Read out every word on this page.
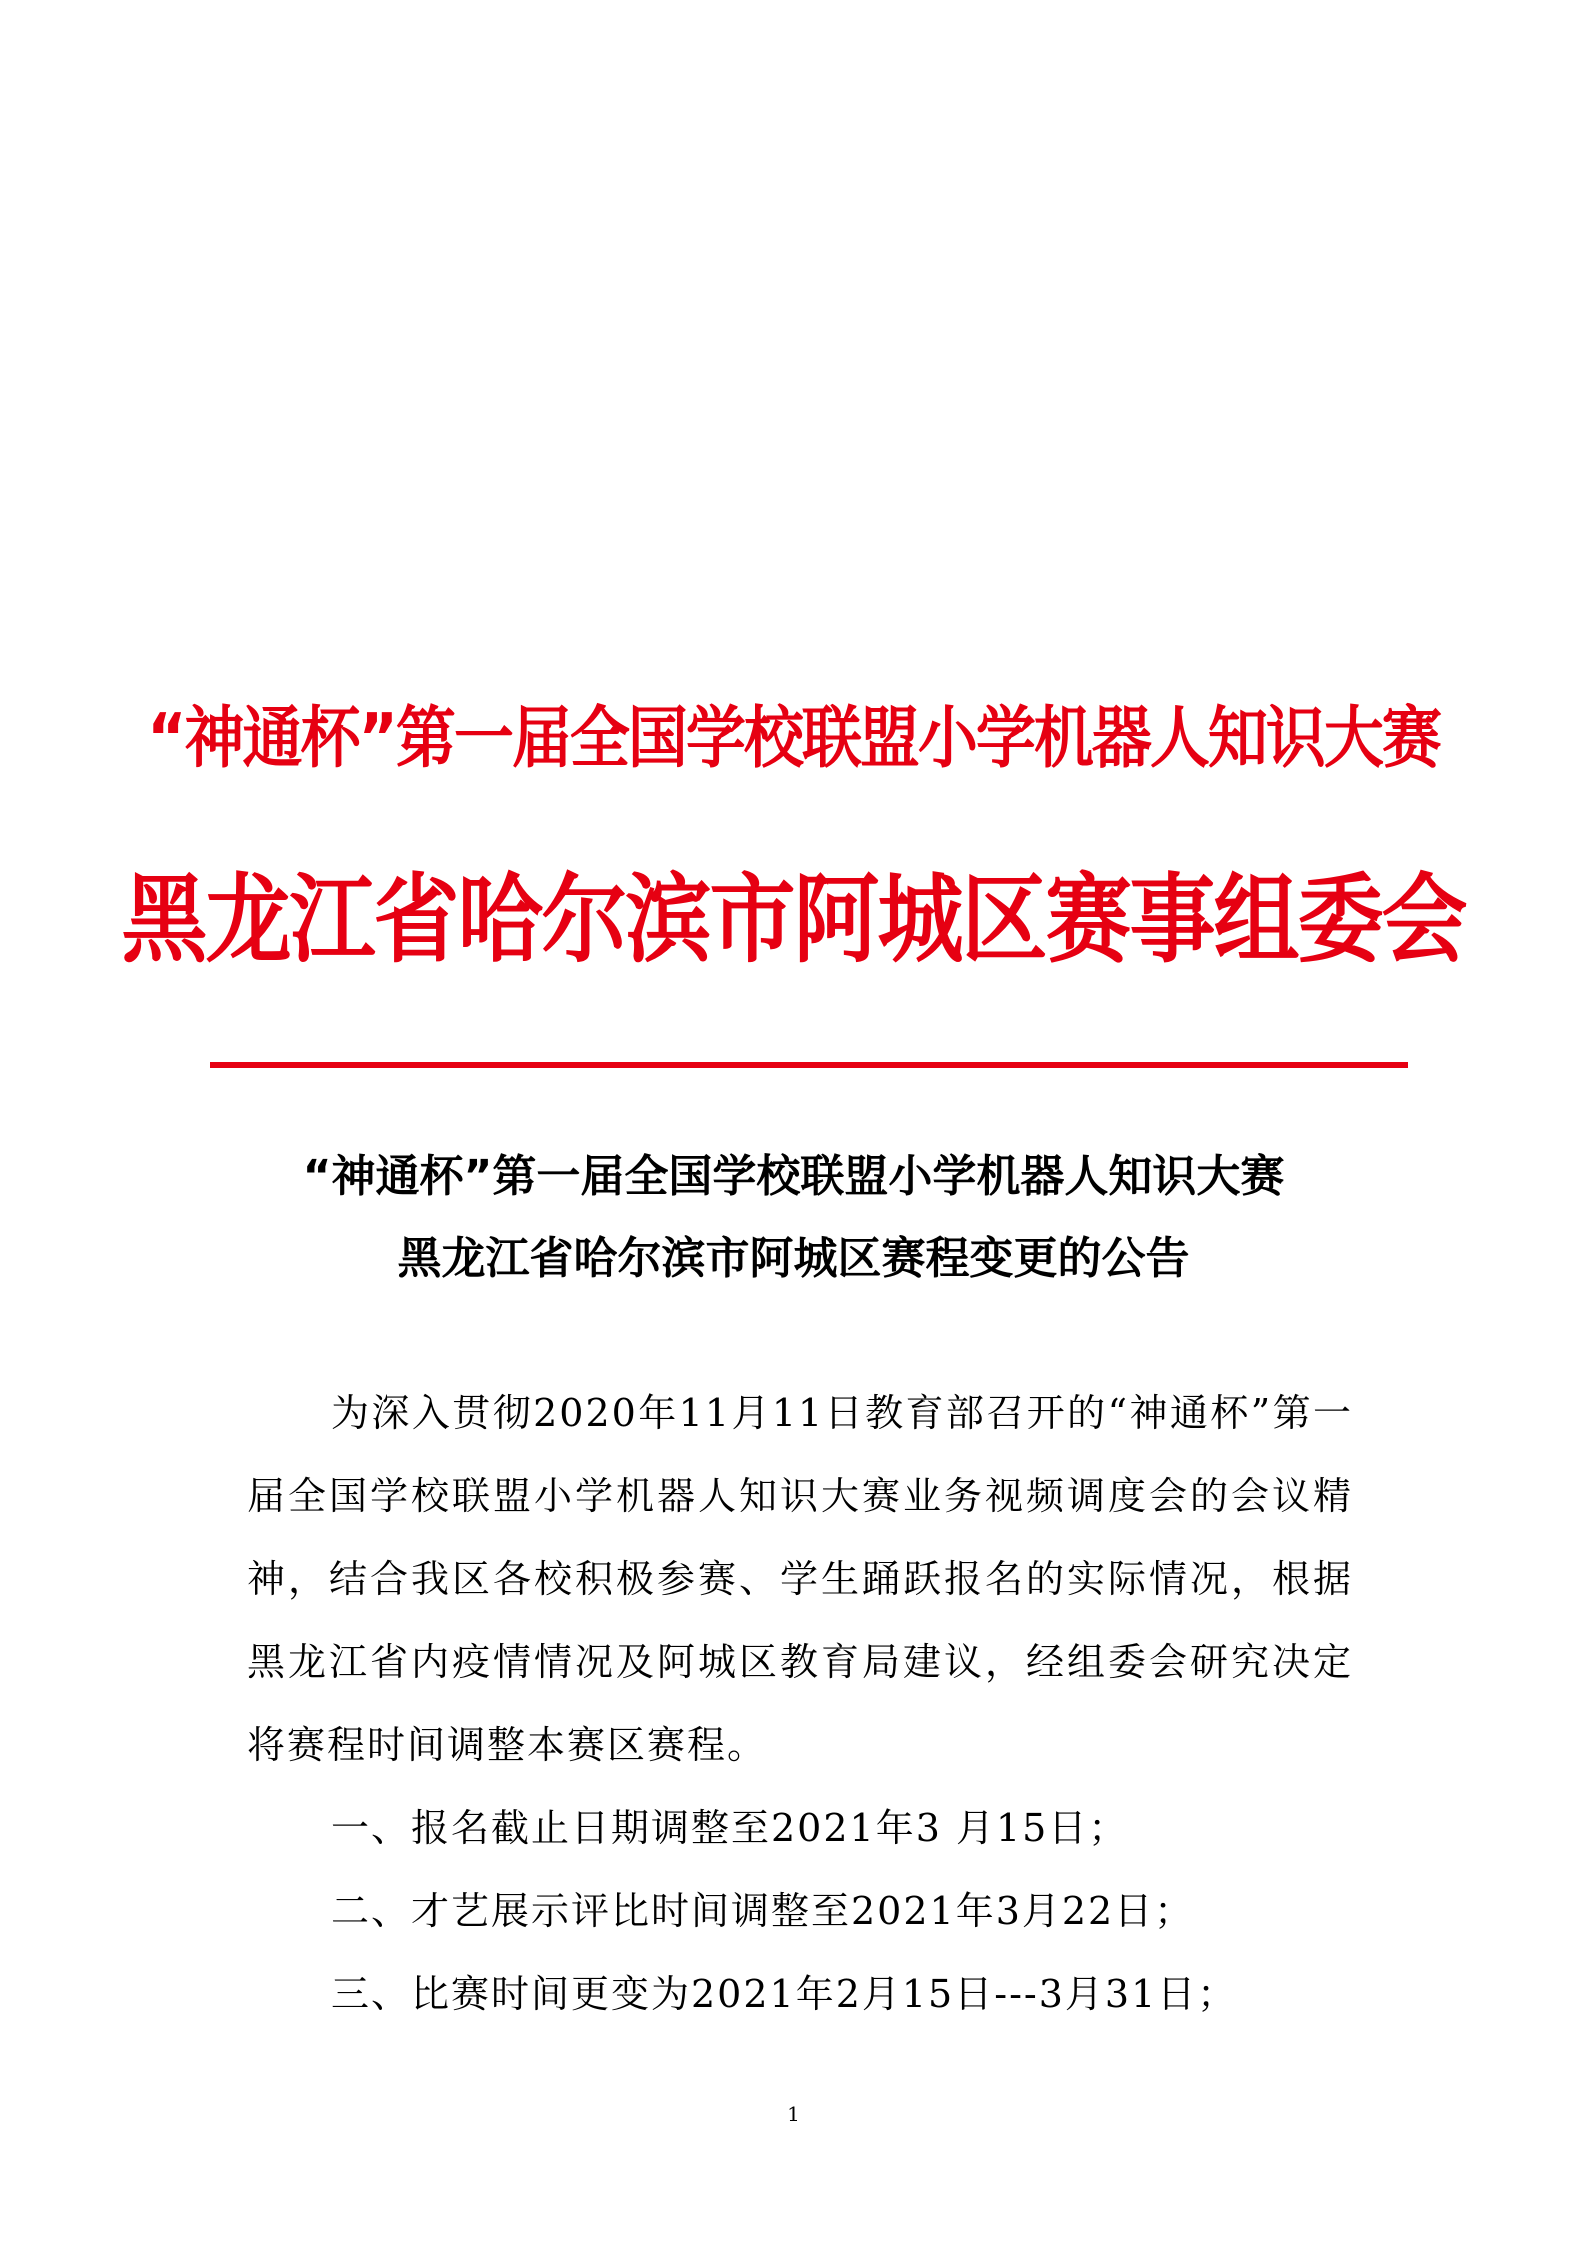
“神通杯”第一届全国学校联盟小学机器人知识大赛
黑龙江省哈尔滨市阿城区赛事组委会
“神通杯”第一届全国学校联盟小学机器人知识大赛
黑龙江省哈尔滨市阿城区赛程变更的公告

为深入贯彻2020年11月11日教育部召开的“神通杯”第一届全国学校联盟小学机器人知识大赛业务视频调度会的会议精神，结合我区各校积极参赛、学生踊跃报名的实际情况，根据黑龙江省内疫情情况及阿城区教育局建议，经组委会研究决定将赛程时间调整本赛区赛程。

一、报名截止日期调整至2021年3 月15日；

二、才艺展示评比时间调整至2021年3月22日；

三、比赛时间更变为2021年2月15日---3月31日；

1
